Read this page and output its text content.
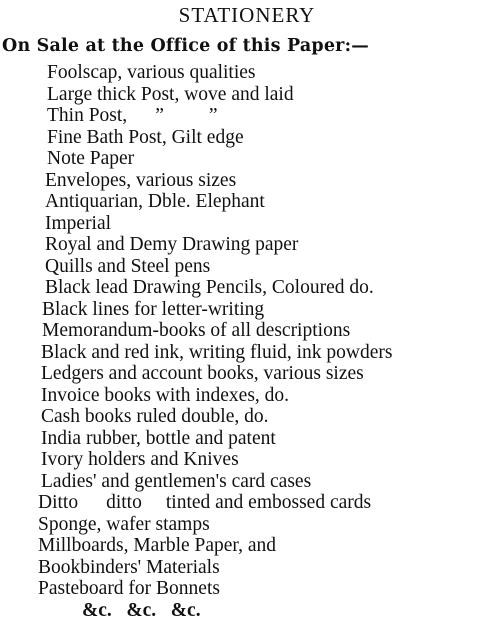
STATIONERY
On Sale at the Office of this Paper:—
Foolscap, various qualities
Large thick Post, wove and laid
Thin Post, ” ”
Fine Bath Post, Gilt edge
Note Paper
Envelopes, various sizes
Antiquarian, Dble. Elephant
Imperial
Royal and Demy Drawing paper
Quills and Steel pens
Black lead Drawing Pencils, Coloured do.
Black lines for letter-writing
Memorandum-books of all descriptions
Black and red ink, writing fluid, ink powders
Ledgers and account books, various sizes
Invoice books with indexes, do.
Cash books ruled double, do.
India rubber, bottle and patent
Ivory holders and Knives
Ladies' and gentlemen's card cases
Ditto ditto tinted and embossed cards
Sponge, wafer stamps
Millboards, Marble Paper, and
Bookbinders' Materials
Pasteboard for Bonnets
&c.   &c.   &c.
